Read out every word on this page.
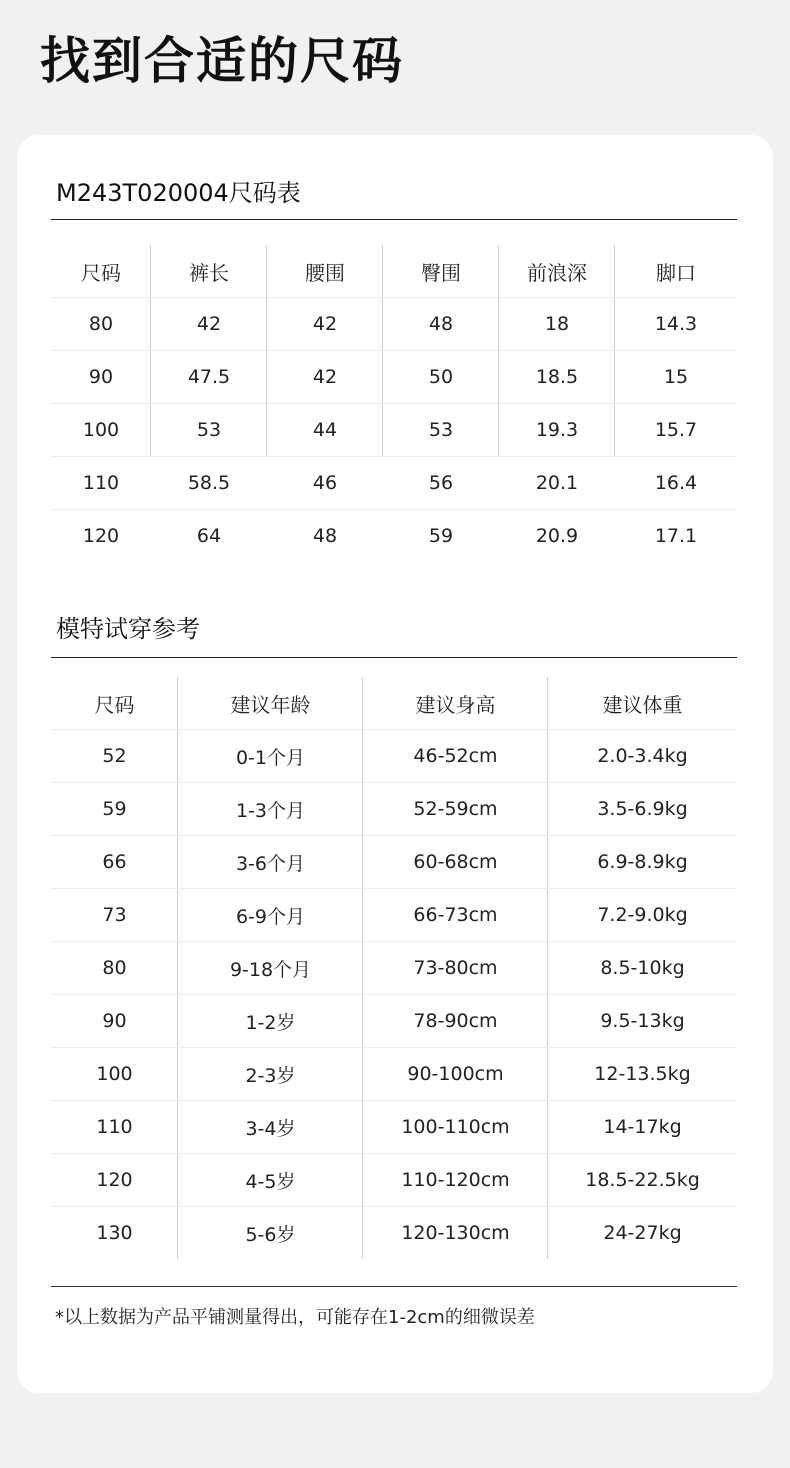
找到合适的尺码
M243T020004尺码表
尺码	裤长	腰围	臀围	前浪深	脚口
80	42	42	48	18	14.3
90	47.5	42	50	18.5	15
100	53	44	53	19.3	15.7
110	58.5	46	56	20.1	16.4
120	64	48	59	20.9	17.1
模特试穿参考
尺码	建议年龄	建议身高	建议体重
52	0-1个月	46-52cm	2.0-3.4kg
59	1-3个月	52-59cm	3.5-6.9kg
66	3-6个月	60-68cm	6.9-8.9kg
73	6-9个月	66-73cm	7.2-9.0kg
80	9-18个月	73-80cm	8.5-10kg
90	1-2岁	78-90cm	9.5-13kg
100	2-3岁	90-100cm	12-13.5kg
110	3-4岁	100-110cm	14-17kg
120	4-5岁	110-120cm	18.5-22.5kg
130	5-6岁	120-130cm	24-27kg
*以上数据为产品平铺测量得出，可能存在1-2cm的细微误差
